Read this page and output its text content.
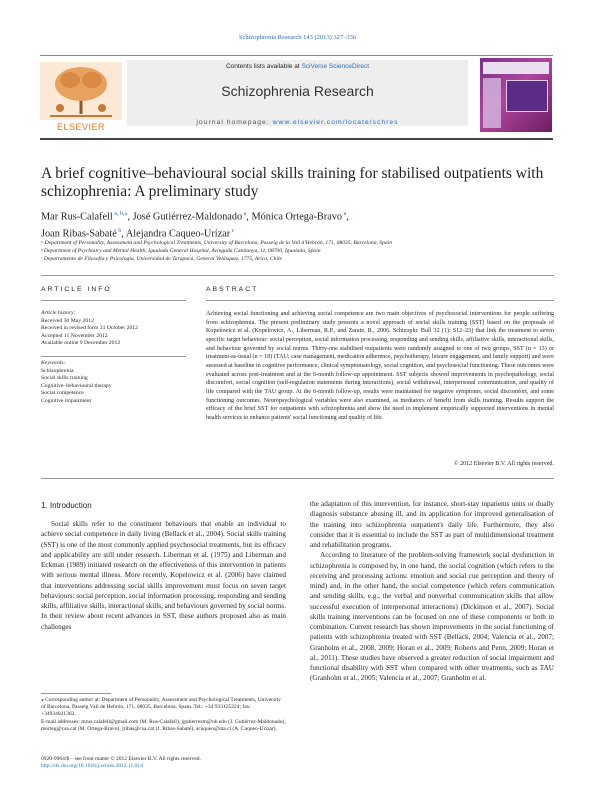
Schizophrenia Research 143 (2013) 327–336
ELSEVIER
Contents lists available at SciVerse ScienceDirect
Schizophrenia Research
journal homepage: www.elsevier.com/locate/schres
A brief cognitive–behavioural social skills training for stabilised outpatients with schizophrenia: A preliminary study
Mar Rus-Calafell $^{a, b,⁎}$, José Gutiérrez-Maldonado $^a$, Mónica Ortega-Bravo $^a$,
Joan Ribas-Sabaté $^b$, Alejandra Caqueo-Urízar $^c$
ᵃ Department of Personality, Assessment and Psychological Treatments, University of Barcelona, Passeig de la Vall d'Hebrón, 171, 08035, Barcelona, Spain
ᵇ Department of Psychiatry and Mental Health, Igualada General Hospital, Avinguda Catalunya, 11, 08700, Igualada, Spain
ᶜ Departamento de Filosofía y Psicología, Universidad de Tarapacá, General Velásquez, 1775, Arica, Chile
ARTICLE INFO	ABSTRACT
Article history:
Received 30 May 2012
Received in revised form 31 October 2012
Accepted 11 November 2012
Available online 9 December 2012
Keywords:
Schizophrenia
Social skills training
Cognitive–behavioural therapy
Social competence
Cognitive impairment
Achieving social functioning and achieving social competence are two main objectives of psychosocial interventions for people suffering from schizophrenia. The present preliminary study presents a novel approach of social skills training (SST) based on the proposals of Kopelowicz et al. (Kopelowicz, A., Liberman, R.P., and Zarate, R., 2006. Schizophr. Bull 32 (1): S12–23) that link the treatment to seven specific target behaviour: social perception, social information processing, responding and sending skills, affiliative skills, interactional skills, and behaviour governed by social norms. Thirty-one stabilised outpatients were randomly assigned to one of two groups, SST (n = 13) or treatment-as-usual (n = 18) (TAU; case management, medication adherence, psychotherapy, leisure engagement, and family support) and were assessed at baseline in cognitive performance, clinical symptomatology, social cognition, and psychosocial functioning. These outcomes were evaluated across post-treatment and at the 6-month follow-up appointment. SST subjects showed improvements in psychopathology, social discomfort, social cognition (self-regulation statements during interactions), social withdrawal, interpersonal communication, and quality of life compared with the TAU group. At the 6-month follow-up, results were maintained for negative symptoms, social discomfort, and some functioning outcomes. Neuropsychological variables were also examined, as mediators of benefit from skills training. Results support the efficacy of the brief SST for outpatients with schizophrenia and show the need to implement empirically supported interventions in mental health services to enhance patients' social functioning and quality of life.
© 2012 Elsevier B.V. All rights reserved.
1. Introduction

Social skills refer to the constituent behaviours that enable an individual to achieve social competence in daily living (Bellack et al., 2004). Social skills training (SST) is one of the most commonly applied psychosocial treatments, but its efficacy and applicability are still under research. Liberman et al. (1975) and Liberman and Eckman (1989) initiated research on the effectiveness of this intervention in patients with serious mental illness. More recently, Kopelowicz et al. (2006) have claimed that interventions addressing social skills improvement must focus on seven target behaviours: social perception, social information processing, responding and sending skills, affiliative skills, interactional skills, and behaviours governed by social norms. In their review about recent advances in SST, these authors proposed also as main challenges

the adaptation of this intervention, for instance, short-stay inpatients units or dually diagnosis substance abusing ill, and its application for improved generalisation of the training into schizophrenia outpatient's daily life. Furthermore, they also consider that it is essential to include the SST as part of multidimensional treatment and rehabilitation programs.

According to literature of the problem-solving framework social dysfunction in schizophrenia is composed by, in one hand, the social cognition (which refers to the receiving and processing actions: emotion and social cue perception and theory of mind) and, in the other hand, the social competence (which refers communication and sending skills, e.g., the verbal and nonverbal communication skills that allow successful execution of interpersonal interactions) (Dickinson et al., 2007). Social skills training interventions can be focused on one of these components or both in combination. Current research has shown improvements in the social functioning of patients with schizophrenia treated with SST (Bellack, 2004; Valencia et al., 2007; Granholm et al., 2008, 2009; Horan et al., 2009; Roberts and Penn, 2009; Horan et al., 2011). These studies have observed a greater reduction of social impairment and functional disability with SST when compared with other treatments, such as TAU (Granholm et al., 2005; Valencia et al., 2007; Granholm et al.

⁎ Corresponding author at: Department of Personality, Assessment and Psychological Treatments, University of Barcelona, Passeig Vall de Hebrón, 171, 08035, Barcelona, Spain. Tel.: +34 933125224; fax: +34934021362.
E-mail addresses: mrus.calafell@gmail.com (M. Rus-Calafell), jgutierrezm@ub.edu (J. Gutiérrez-Maldonado), morteg@csa.cat (M. Ortega-Bravo), jribas@csa.cat (J. Ribas-Sabaté), acaqueo@uta.cl (A. Caqueo-Urízar).
0920-9964/$ – see front matter © 2012 Elsevier B.V. All rights reserved.
http://dx.doi.org/10.1016/j.schres.2012.11.014
